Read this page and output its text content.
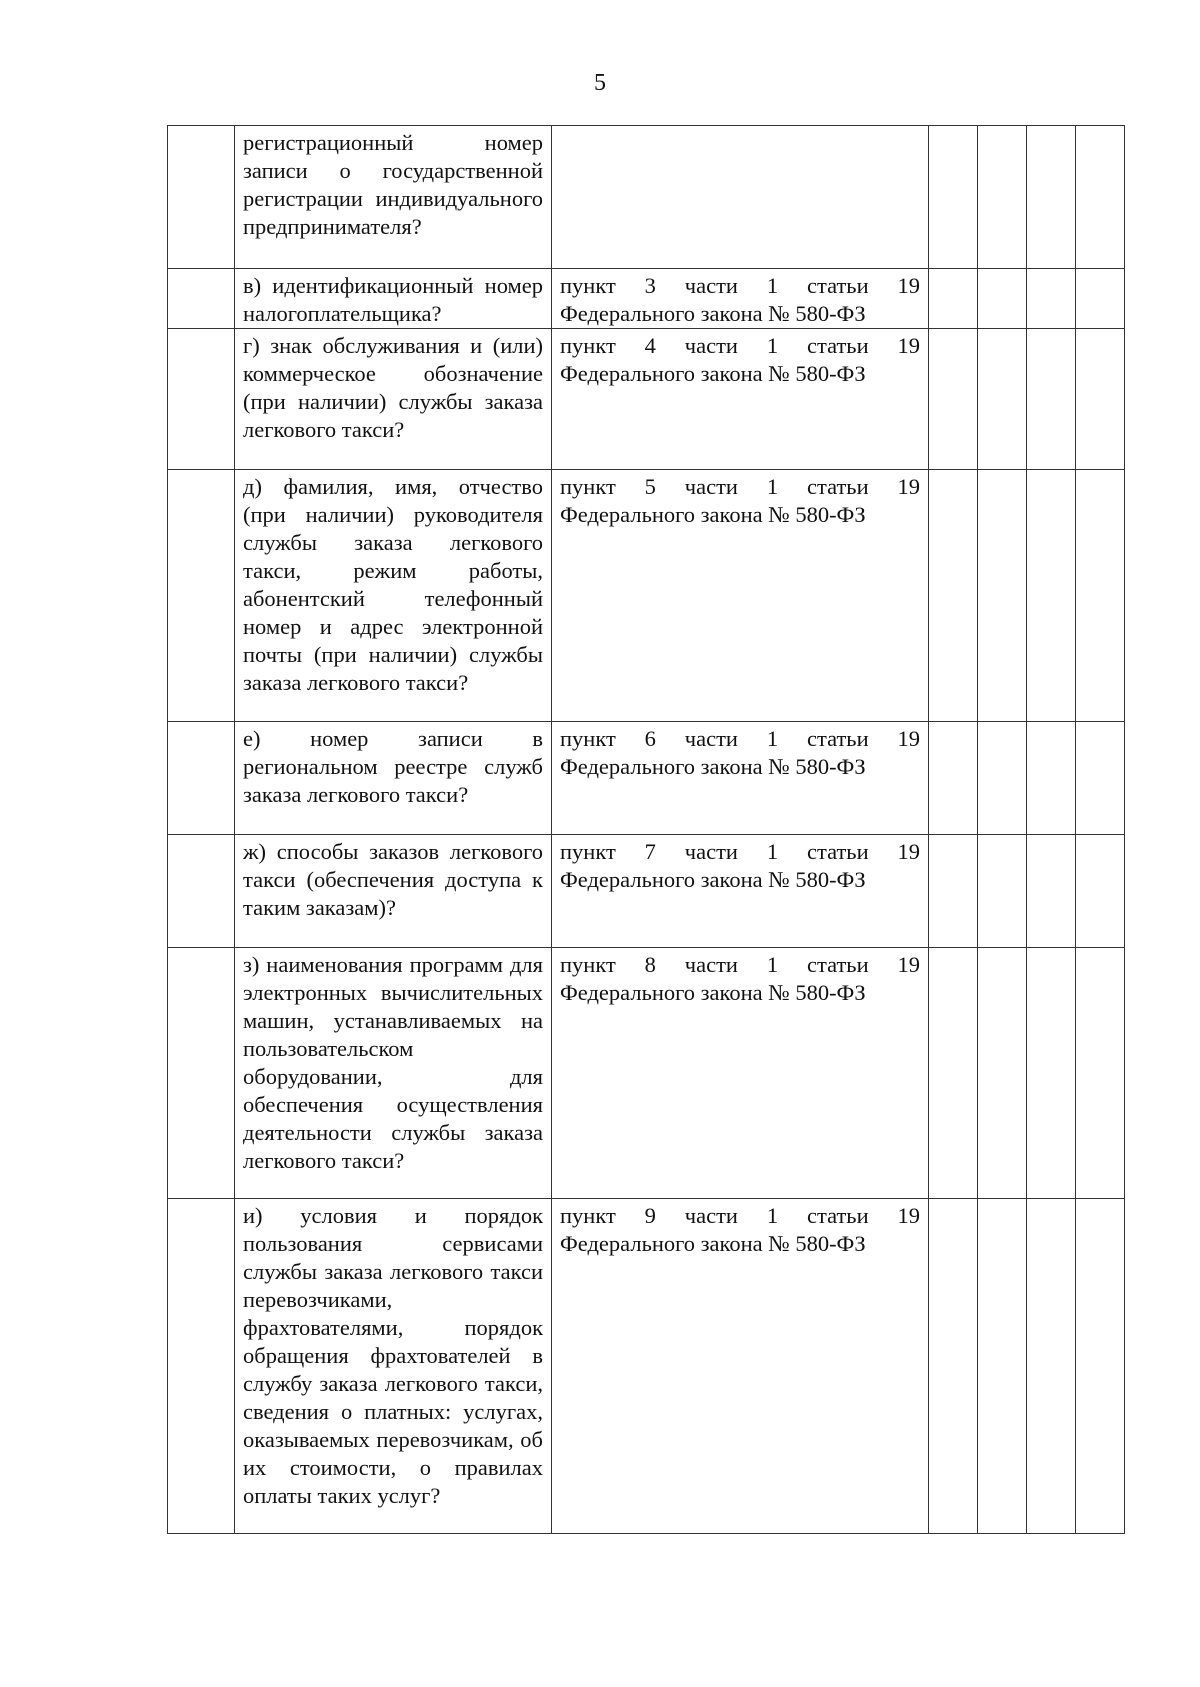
5

	регистрационный номер записи о государственной регистрации индивидуального предпринимателя?					

	в) идентификационный номер налогоплательщика?	пункт 3 части 1 статьи 19
Федерального закона № 580-ФЗ				

	г) знак обслуживания и (или) коммерческое обозначение (при наличии) службы заказа легкового такси?	пункт 4 части 1 статьи 19
Федерального закона № 580-ФЗ				

	д) фамилия, имя, отчество (при наличии) руководителя службы заказа легкового такси, режим работы, абонентский телефонный номер и адрес электронной почты (при наличии) службы заказа легкового такси?	пункт 5 части 1 статьи 19
Федерального закона № 580-ФЗ				

	е) номер записи в региональном реестре служб заказа легкового такси?	пункт 6 части 1 статьи 19
Федерального закона № 580-ФЗ				

	ж) способы заказов легкового такси (обеспечения доступа к таким заказам)?	пункт 7 части 1 статьи 19
Федерального закона № 580-ФЗ				

	з) наименования программ для электронных вычислительных машин, устанавливаемых на пользовательском оборудовании, для обеспечения осуществления деятельности службы заказа легкового такси?	пункт 8 части 1 статьи 19
Федерального закона № 580-ФЗ				

	и) условия и порядок пользования сервисами службы заказа легкового такси перевозчиками, фрахтователями, порядок обращения фрахтователей в службу заказа легкового такси, сведения о платных: услугах, оказываемых перевозчикам, об их стоимости, о правилах оплаты таких услуг?	пункт 9 части 1 статьи 19
Федерального закона № 580-ФЗ				
